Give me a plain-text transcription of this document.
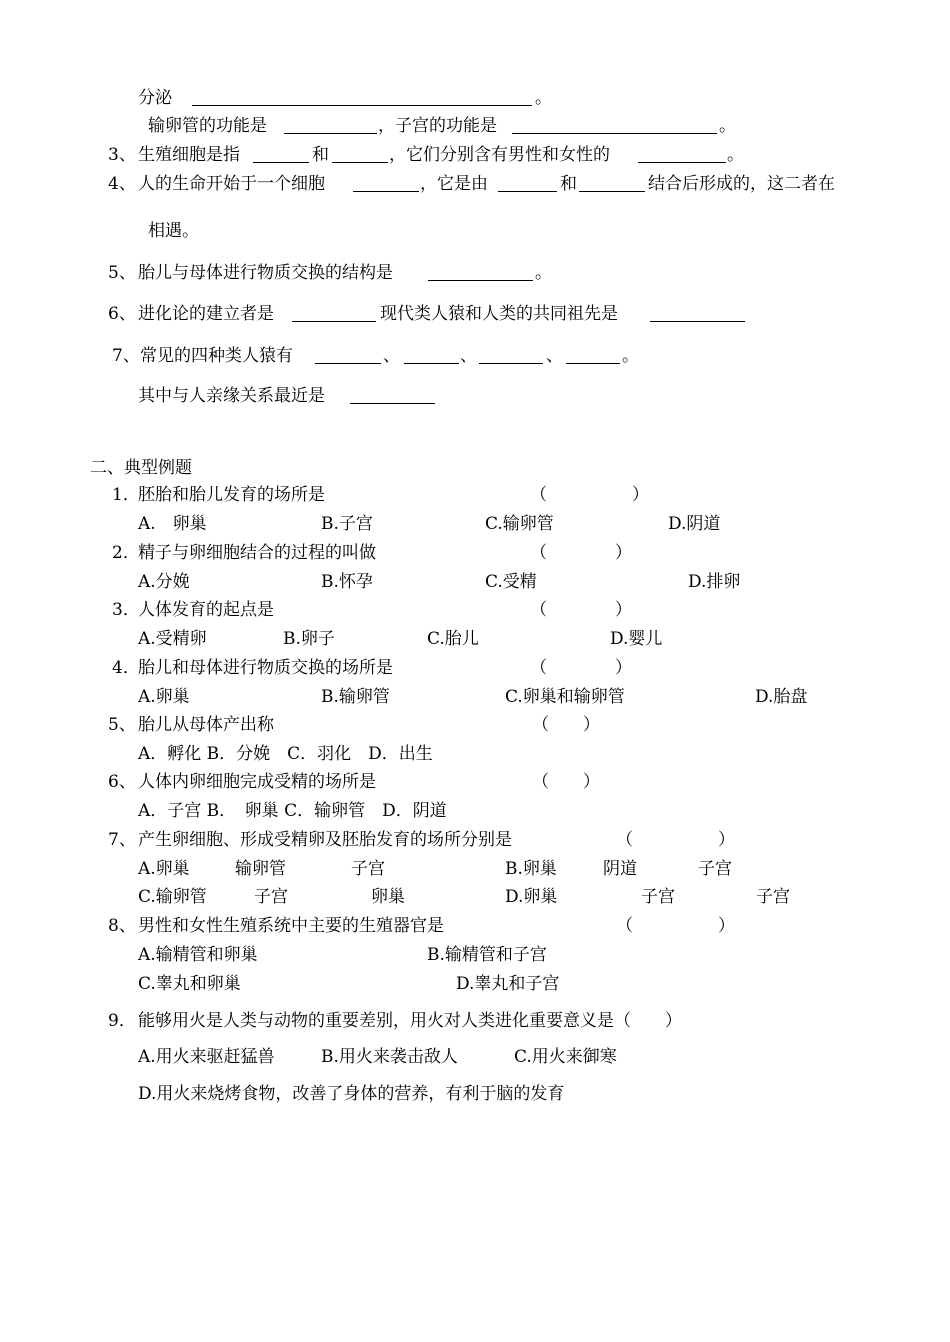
分泌	。
输卵管的功能是	，子宫的功能是	。
3、 生殖细胞是指	和	，它们分别含有男性和女性的	。
4、 人的生命开始于一个细胞	，它是由	和	结合后形成的，这二者在
相遇。
5、 胎儿与母体进行物质交换的结构是	。
6、 进化论的建立者是	现代类人猿和人类的共同祖先是
7、 常见的四种类人猿有	、	、	、	。
其中与人亲缘关系最近是
二、典型例题
1．
胚胎和胎儿发育的场所是	（　　　　　）
A.　卵巢	B.子宫	C.输卵管	D.阴道
2．
精子与卵细胞结合的过程的叫做	（　　　　）
A.分娩	B.怀孕	C.受精	D.排卵
3．
人体发育的起点是	（　　　　）
A.受精卵	B.卵子	C.胎儿	D.婴儿
4．
胎儿和母体进行物质交换的场所是	（　　　　）
A.卵巢	B.输卵管	C.卵巢和输卵管	D.胎盘
5、 胎儿从母体产出称	（　　）
A．孵化 B．分娩　C．羽化　D．出生
6、 人体内卵细胞完成受精的场所是	（　　）
A．子宫 B．　卵巢 C．输卵管　D．阴道
7、 产生卵细胞、形成受精卵及胚胎发育的场所分别是	（　　　　　）
A.卵巢	输卵管	子宫	B.卵巢	阴道	子宫
C.输卵管	子宫	卵巢	D.卵巢	子宫	子宫
8、 男性和女性生殖系统中主要的生殖器官是	（　　　　　）
A.输精管和卵巢	B.输精管和子宫
C.睾丸和卵巢	D.睾丸和子宫
9． 能够用火是人类与动物的重要差别，用火对人类进化重要意义是（　　）
A.用火来驱赶猛兽	B.用火来袭击敌人	C.用火来御寒
D.用火来烧烤食物，改善了身体的营养，有利于脑的发育
